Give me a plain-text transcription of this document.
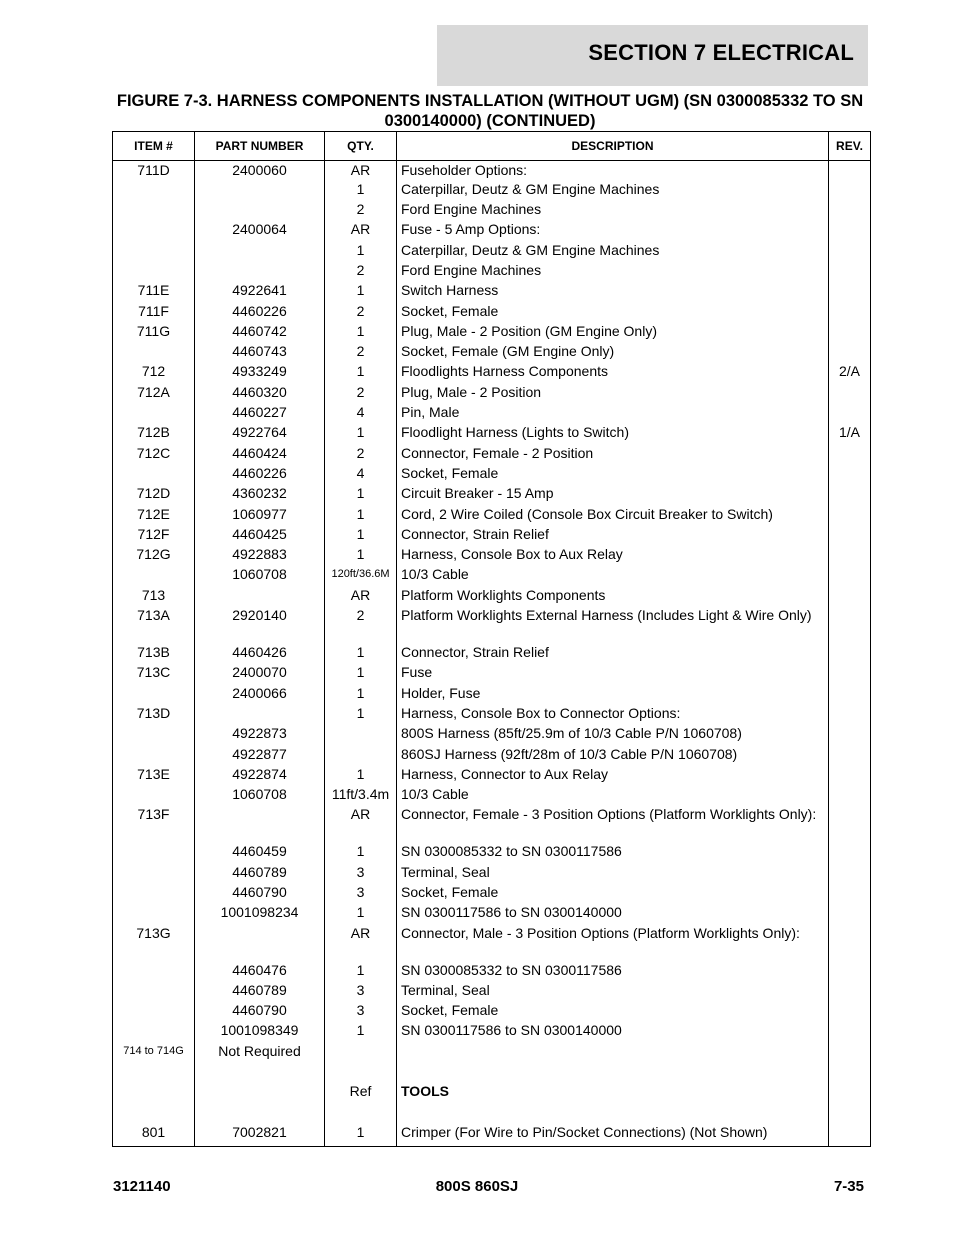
SECTION 7 ELECTRICAL
FIGURE 7-3. HARNESS COMPONENTS INSTALLATION (WITHOUT UGM) (SN 0300085332 TO SN 0300140000) (CONTINUED)
ITEM #	PART NUMBER	QTY.	DESCRIPTION	REV.
711D	2400060	AR	Fuseholder Options:	
		1	Caterpillar, Deutz & GM Engine Machines	
		2	Ford Engine Machines	
	2400064	AR	Fuse - 5 Amp Options:	
		1	Caterpillar, Deutz & GM Engine Machines	
		2	Ford Engine Machines	
711E	4922641	1	Switch Harness	
711F	4460226	2	Socket, Female	
711G	4460742	1	Plug, Male - 2 Position (GM Engine Only)	
	4460743	2	Socket, Female (GM Engine Only)	
712	4933249	1	Floodlights Harness Components	2/A
712A	4460320	2	Plug, Male - 2 Position	
	4460227	4	Pin, Male	
712B	4922764	1	Floodlight Harness (Lights to Switch)	1/A
712C	4460424	2	Connector, Female - 2 Position	
	4460226	4	Socket, Female	
712D	4360232	1	Circuit Breaker - 15 Amp	
712E	1060977	1	Cord, 2 Wire Coiled (Console Box Circuit Breaker to Switch)	
712F	4460425	1	Connector, Strain Relief	
712G	4922883	1	Harness, Console Box to Aux Relay	
	1060708	120ft/36.6M	10/3 Cable	
713		AR	Platform Worklights Components	
713A	2920140	2	Platform Worklights External Harness (Includes Light & Wire Only)	
713B	4460426	1	Connector, Strain Relief	
713C	2400070	1	Fuse	
	2400066	1	Holder, Fuse	
713D		1	Harness, Console Box to Connector Options:	
	4922873		800S Harness (85ft/25.9m of 10/3 Cable P/N 1060708)	
	4922877		860SJ Harness (92ft/28m of 10/3 Cable P/N 1060708)	
713E	4922874	1	Harness, Connector to Aux Relay	
	1060708	11ft/3.4m	10/3 Cable	
713F		AR	Connector, Female - 3 Position Options (Platform Worklights Only):	
	4460459	1	SN 0300085332 to SN 0300117586	
	4460789	3	Terminal, Seal	
	4460790	3	Socket, Female	
	1001098234	1	SN 0300117586 to SN 0300140000	
713G		AR	Connector, Male - 3 Position Options (Platform Worklights Only):	
	4460476	1	SN 0300085332 to SN 0300117586	
	4460789	3	Terminal, Seal	
	4460790	3	Socket, Female	
	1001098349	1	SN 0300117586 to SN 0300140000	
714 to 714G	Not Required			

		Ref	TOOLS	

801	7002821	1	Crimper (For Wire to Pin/Socket Connections) (Not Shown)	
3121140	800S 860SJ	7-35
